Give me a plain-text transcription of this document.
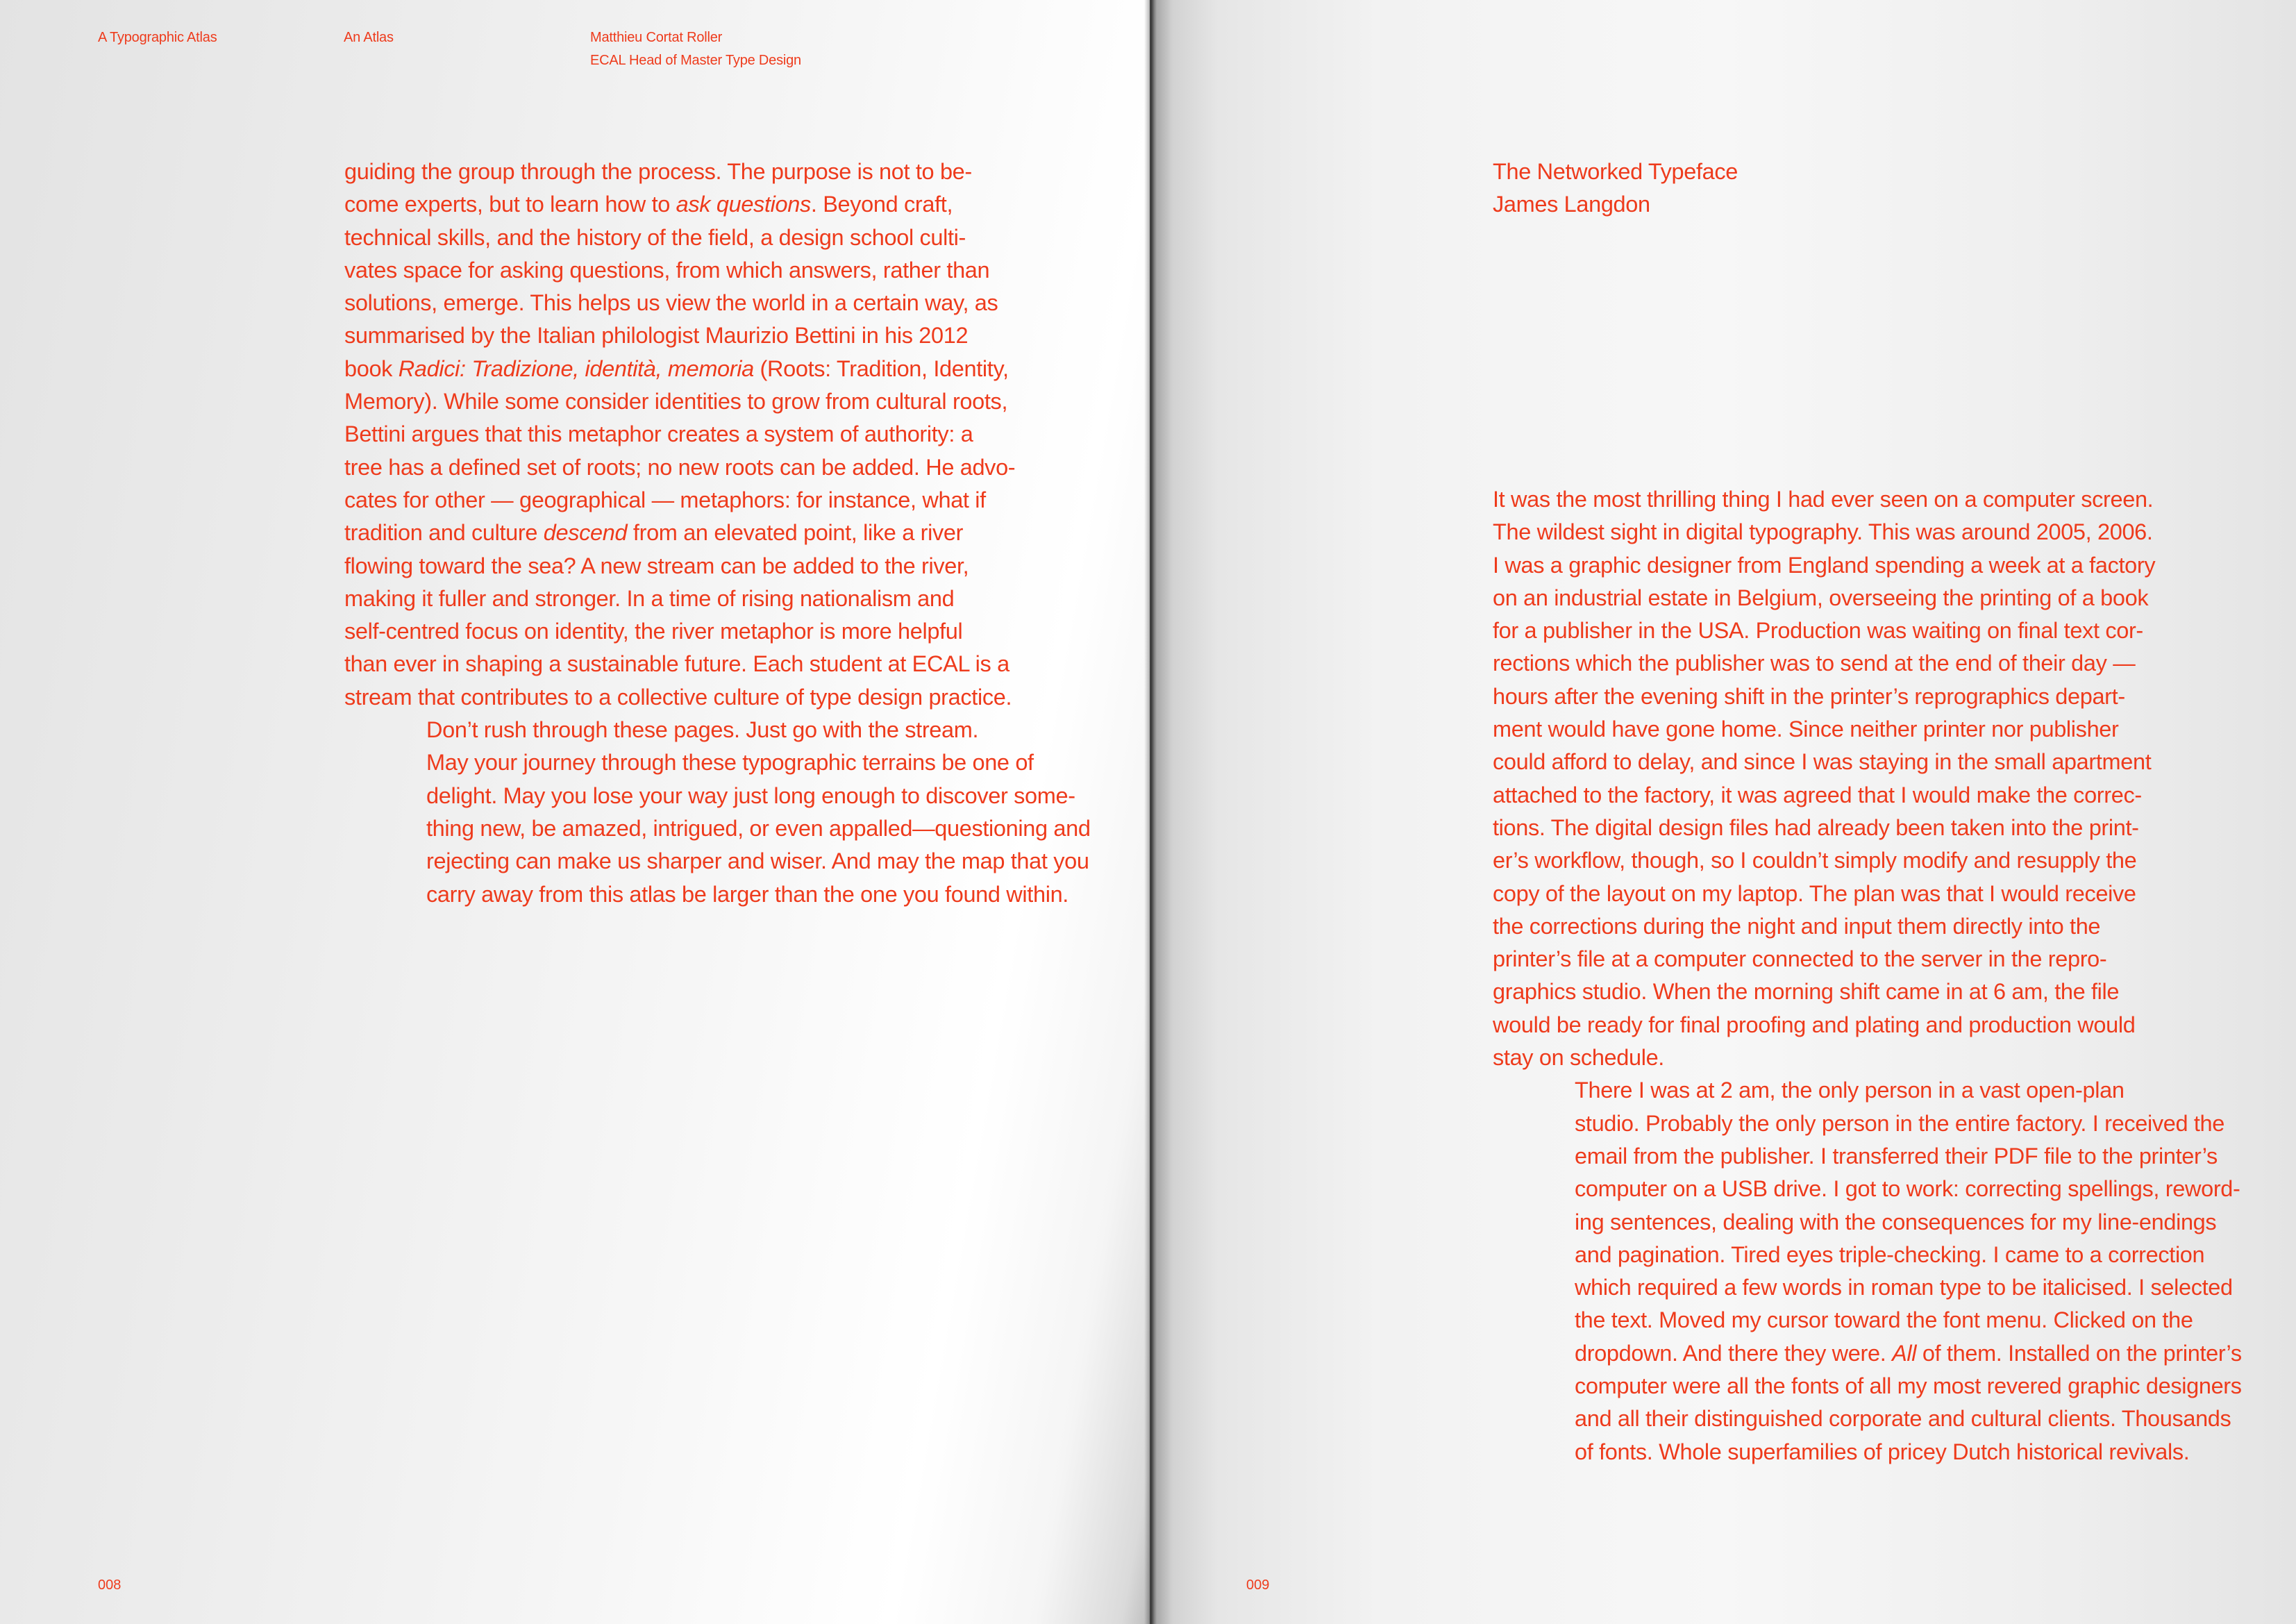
A Typographic Atlas	An Atlas	Matthieu Cortat Roller
ECAL Head of Master Type Design

guiding the group through the process. The purpose is not to be-
come experts, but to learn how to ask questions. Beyond craft,
technical skills, and the history of the field, a design school culti-
vates space for asking questions, from which answers, rather than
solutions, emerge. This helps us view the world in a certain way, as
summarised by the Italian philologist Maurizio Bettini in his 2012
book Radici: Tradizione, identità, memoria (Roots: Tradition, Identity,
Memory). While some consider identities to grow from cultural roots,
Bettini argues that this metaphor creates a system of authority: a
tree has a defined set of roots; no new roots can be added. He advo-
cates for other — geographical — metaphors: for instance, what if
tradition and culture descend from an elevated point, like a river
flowing toward the sea? A new stream can be added to the river,
making it fuller and stronger. In a time of rising nationalism and
self-centred focus on identity, the river metaphor is more helpful
than ever in shaping a sustainable future. Each student at ECAL is a
stream that contributes to a collective culture of type design practice.

Don’t rush through these pages. Just go with the stream.
May your journey through these typographic terrains be one of
delight. May you lose your way just long enough to discover some-
thing new, be amazed, intrigued, or even appalled—questioning and
rejecting can make us sharper and wiser. And may the map that you
carry away from this atlas be larger than the one you found within.

008
The Networked Typeface
James Langdon

It was the most thrilling thing I had ever seen on a computer screen.
The wildest sight in digital typography. This was around 2005, 2006.
I was a graphic designer from England spending a week at a factory
on an industrial estate in Belgium, overseeing the printing of a book
for a publisher in the USA. Production was waiting on final text cor-
rections which the publisher was to send at the end of their day —
hours after the evening shift in the printer’s reprographics depart-
ment would have gone home. Since neither printer nor publisher
could afford to delay, and since I was staying in the small apartment
attached to the factory, it was agreed that I would make the correc-
tions. The digital design files had already been taken into the print-
er’s workflow, though, so I couldn’t simply modify and resupply the
copy of the layout on my laptop. The plan was that I would receive
the corrections during the night and input them directly into the
printer’s file at a computer connected to the server in the repro-
graphics studio. When the morning shift came in at 6 am, the file
would be ready for final proofing and plating and production would
stay on schedule.

There I was at 2 am, the only person in a vast open-plan
studio. Probably the only person in the entire factory. I received the
email from the publisher. I transferred their PDF file to the printer’s
computer on a USB drive. I got to work: correcting spellings, reword-
ing sentences, dealing with the consequences for my line-endings
and pagination. Tired eyes triple-checking. I came to a correction
which required a few words in roman type to be italicised. I selected
the text. Moved my cursor toward the font menu. Clicked on the
dropdown. And there they were. All of them. Installed on the printer’s
computer were all the fonts of all my most revered graphic designers
and all their distinguished corporate and cultural clients. Thousands
of fonts. Whole superfamilies of pricey Dutch historical revivals.

009
